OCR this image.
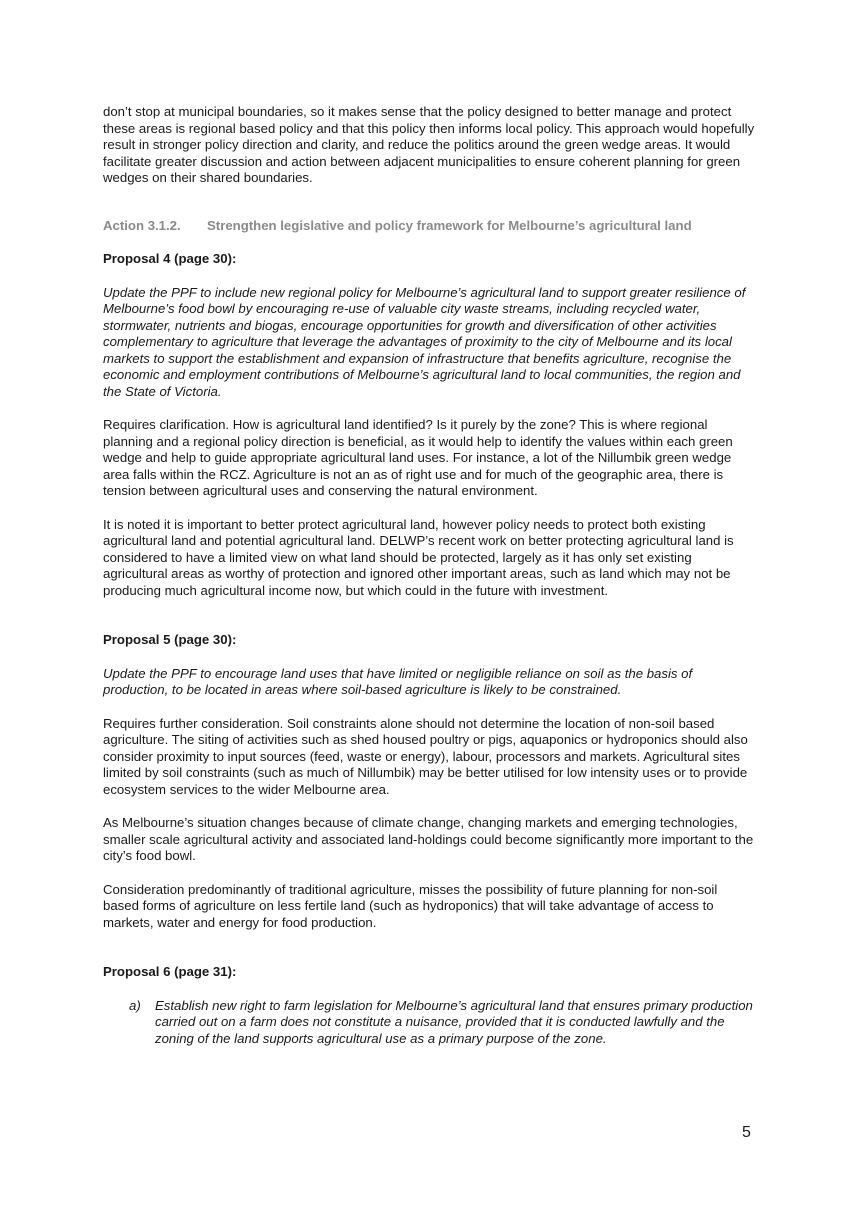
don’t stop at municipal boundaries, so it makes sense that the policy designed to better manage and protect these areas is regional based policy and that this policy then informs local policy. This approach would hopefully result in stronger policy direction and clarity, and reduce the politics around the green wedge areas. It would facilitate greater discussion and action between adjacent municipalities to ensure coherent planning for green wedges on their shared boundaries.

Action 3.1.2.	Strengthen legislative and policy framework for Melbourne’s agricultural land

Proposal 4 (page 30):

Update the PPF to include new regional policy for Melbourne’s agricultural land to support greater resilience of Melbourne’s food bowl by encouraging re-use of valuable city waste streams, including recycled water, stormwater, nutrients and biogas, encourage opportunities for growth and diversification of other activities complementary to agriculture that leverage the advantages of proximity to the city of Melbourne and its local markets to support the establishment and expansion of infrastructure that benefits agriculture, recognise the economic and employment contributions of Melbourne’s agricultural land to local communities, the region and the State of Victoria.

Requires clarification. How is agricultural land identified? Is it purely by the zone? This is where regional planning and a regional policy direction is beneficial, as it would help to identify the values within each green wedge and help to guide appropriate agricultural land uses. For instance, a lot of the Nillumbik green wedge area falls within the RCZ. Agriculture is not an as of right use and for much of the geographic area, there is tension between agricultural uses and conserving the natural environment.

It is noted it is important to better protect agricultural land, however policy needs to protect both existing agricultural land and potential agricultural land. DELWP’s recent work on better protecting agricultural land is considered to have a limited view on what land should be protected, largely as it has only set existing agricultural areas as worthy of protection and ignored other important areas, such as land which may not be producing much agricultural income now, but which could in the future with investment.

Proposal 5 (page 30):

Update the PPF to encourage land uses that have limited or negligible reliance on soil as the basis of production, to be located in areas where soil-based agriculture is likely to be constrained.

Requires further consideration. Soil constraints alone should not determine the location of non-soil based agriculture. The siting of activities such as shed housed poultry or pigs, aquaponics or hydroponics should also consider proximity to input sources (feed, waste or energy), labour, processors and markets. Agricultural sites limited by soil constraints (such as much of Nillumbik) may be better utilised for low intensity uses or to provide ecosystem services to the wider Melbourne area.

As Melbourne’s situation changes because of climate change, changing markets and emerging technologies, smaller scale agricultural activity and associated land-holdings could become significantly more important to the city’s food bowl.

Consideration predominantly of traditional agriculture, misses the possibility of future planning for non-soil based forms of agriculture on less fertile land (such as hydroponics) that will take advantage of access to markets, water and energy for food production.

Proposal 6 (page 31):

a)	Establish new right to farm legislation for Melbourne’s agricultural land that ensures primary production carried out on a farm does not constitute a nuisance, provided that it is conducted lawfully and the zoning of the land supports agricultural use as a primary purpose of the zone.

5
